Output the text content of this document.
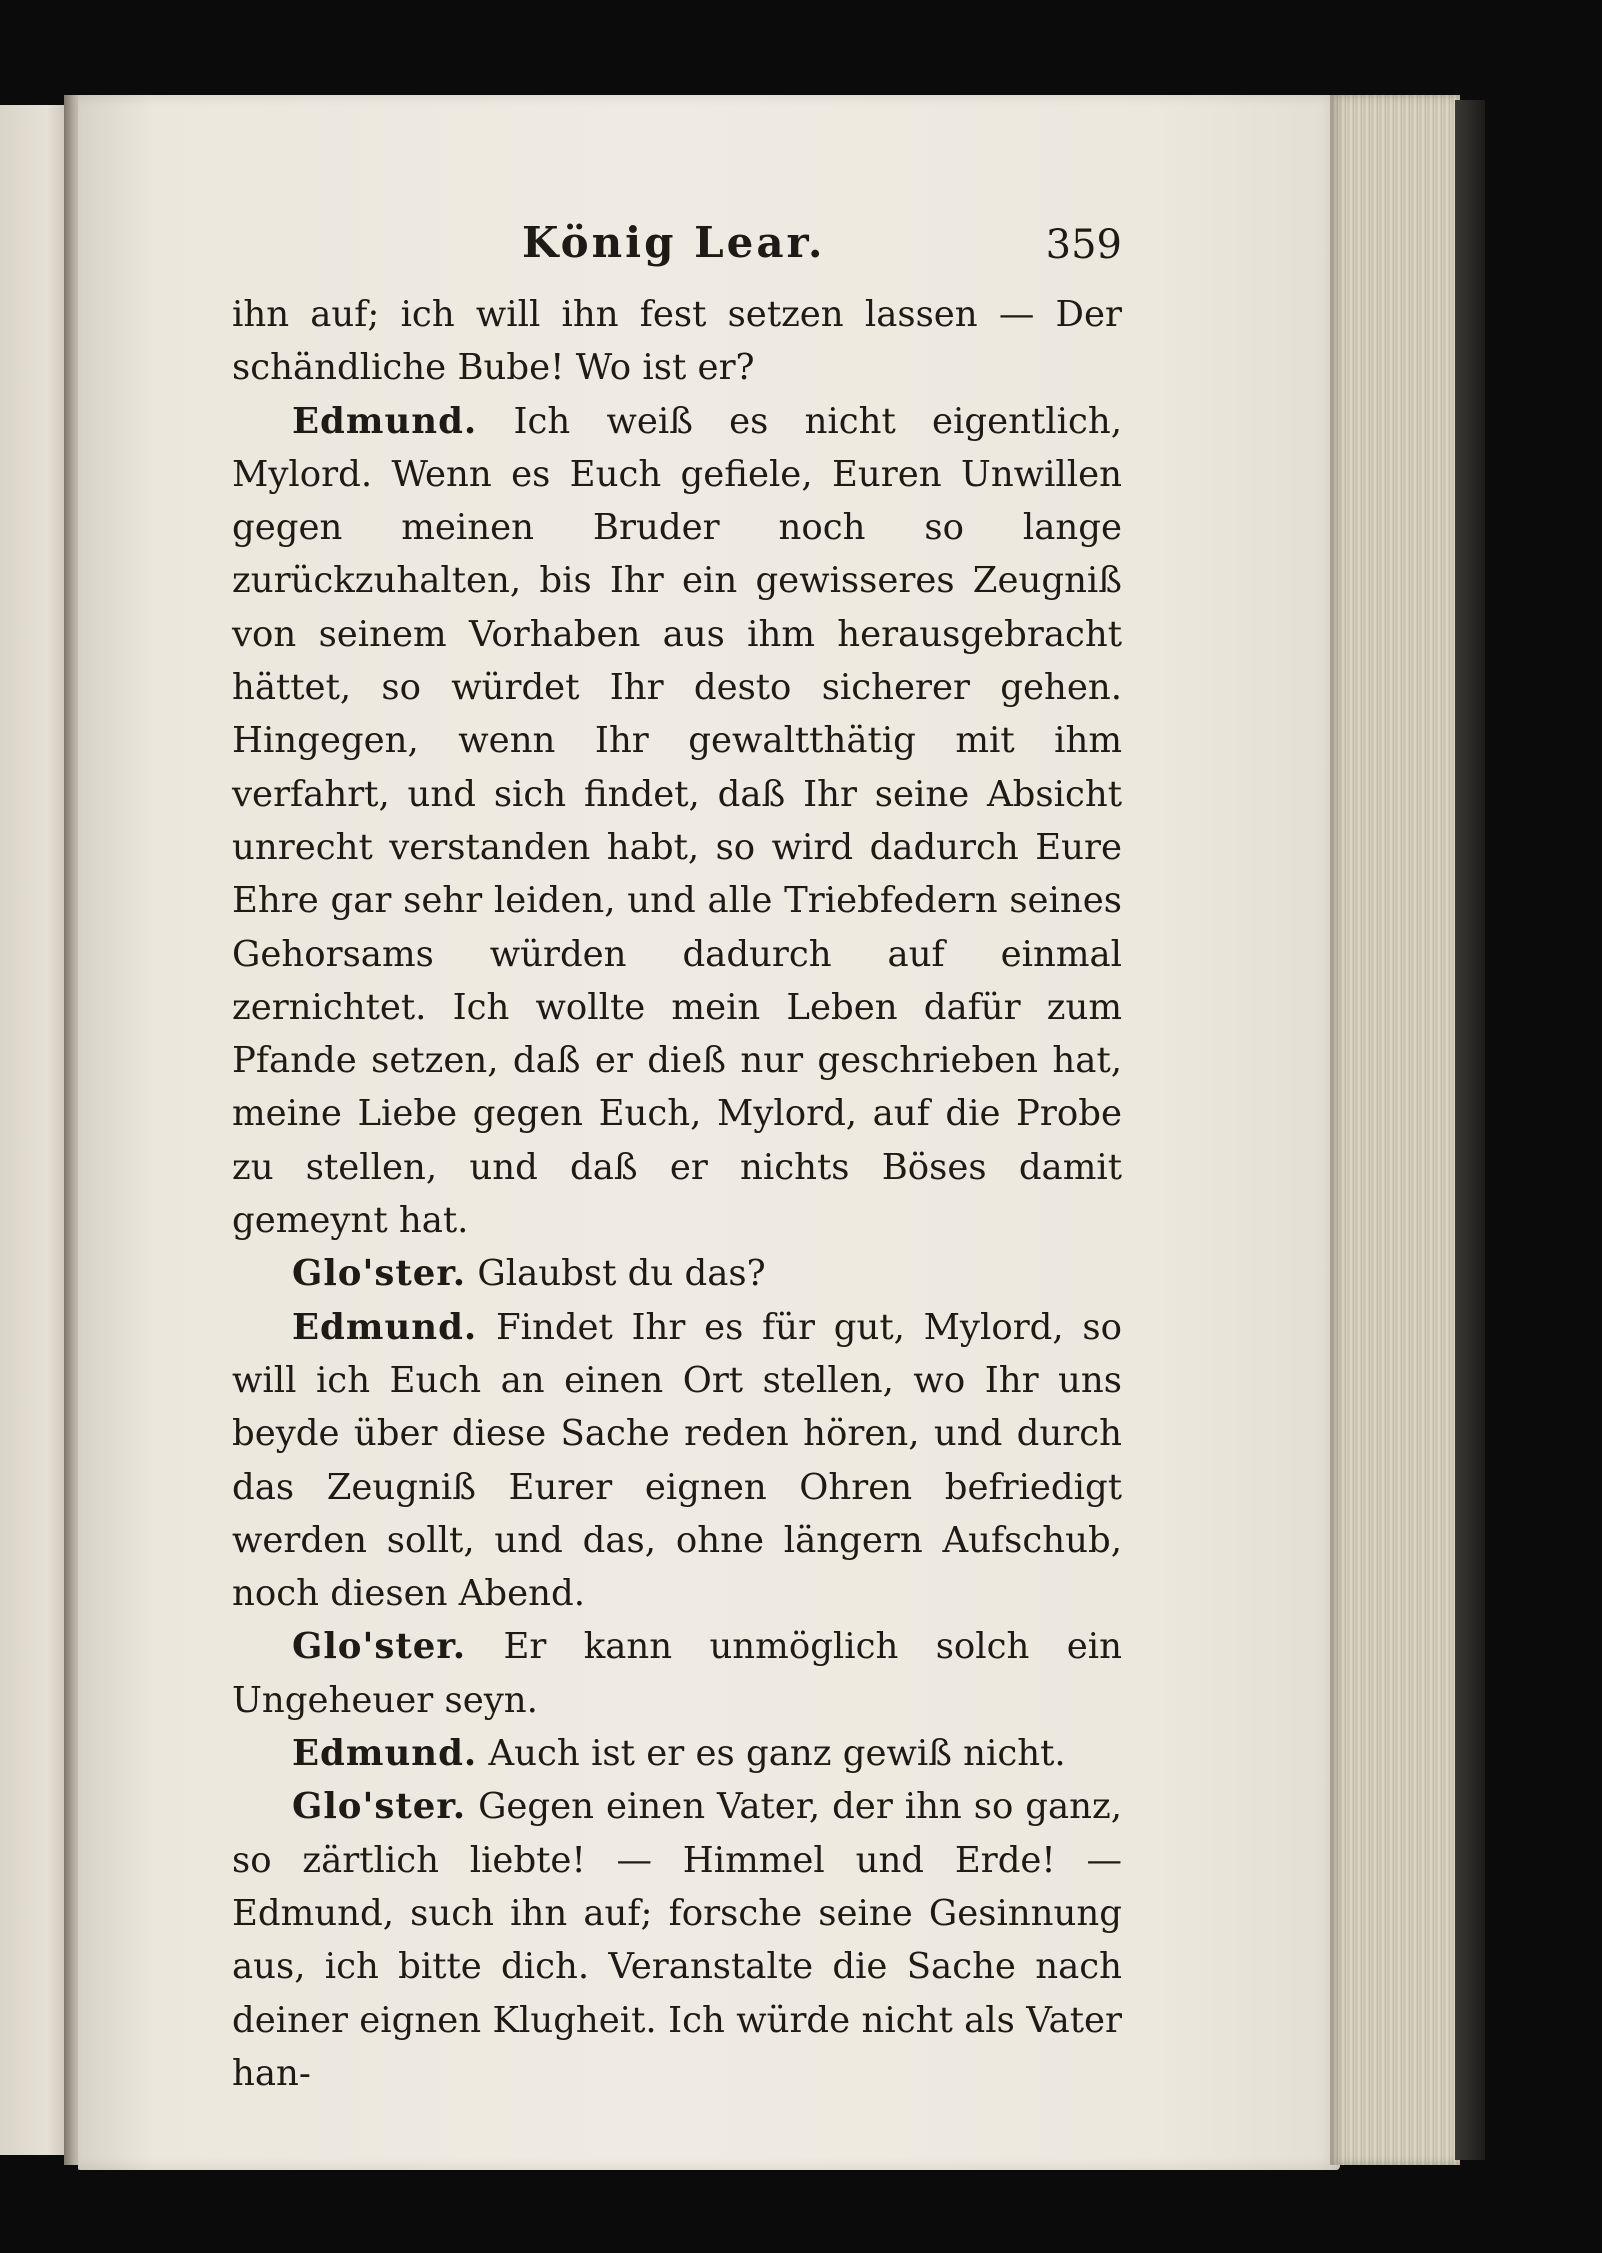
König Lear.	359

ihn auf; ich will ihn fest setzen lassen — Der schändliche Bube! Wo ist er?

Edmund. Ich weiß es nicht eigentlich, Mylord. Wenn es Euch gefiele, Euren Unwillen gegen meinen Bruder noch so lange zurückzuhalten, bis Ihr ein gewisseres Zeugniß von seinem Vorhaben aus ihm herausgebracht hättet, so würdet Ihr desto sicherer gehen. Hingegen, wenn Ihr gewaltthätig mit ihm verfahrt, und sich findet, daß Ihr seine Absicht unrecht verstanden habt, so wird dadurch Eure Ehre gar sehr leiden, und alle Triebfedern seines Gehorsams würden dadurch auf einmal zernichtet. Ich wollte mein Leben dafür zum Pfande setzen, daß er dieß nur geschrieben hat, meine Liebe gegen Euch, Mylord, auf die Probe zu stellen, und daß er nichts Böses damit gemeynt hat.

Glo'ster. Glaubst du das?

Edmund. Findet Ihr es für gut, Mylord, so will ich Euch an einen Ort stellen, wo Ihr uns beyde über diese Sache reden hören, und durch das Zeugniß Eurer eignen Ohren befriedigt werden sollt, und das, ohne längern Aufschub, noch diesen Abend.

Glo'ster. Er kann unmöglich solch ein Ungeheuer seyn.

Edmund. Auch ist er es ganz gewiß nicht.

Glo'ster. Gegen einen Vater, der ihn so ganz, so zärtlich liebte! — Himmel und Erde! — Edmund, such ihn auf; forsche seine Gesinnung aus, ich bitte dich. Veranstalte die Sache nach deiner eignen Klugheit. Ich würde nicht als Vater han-
